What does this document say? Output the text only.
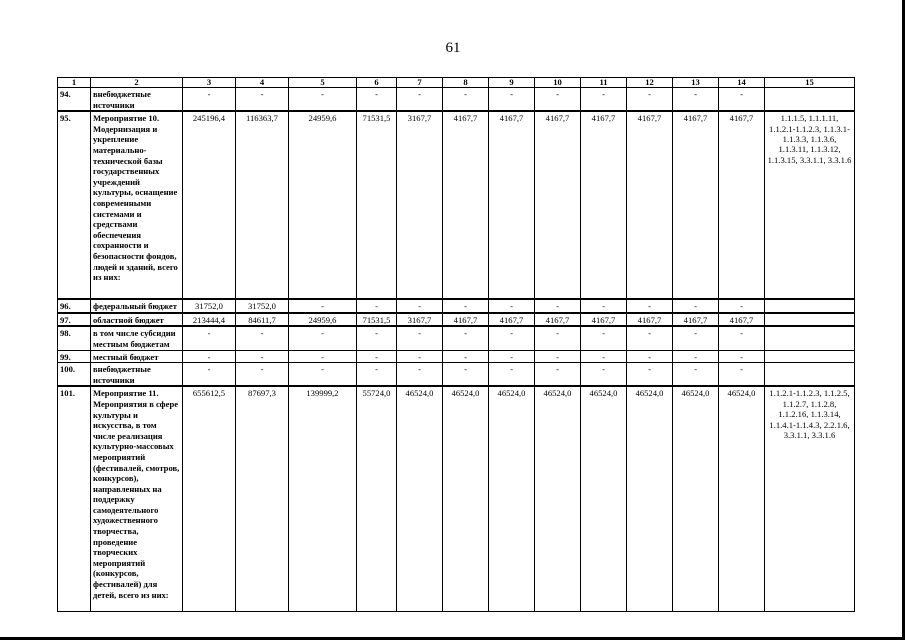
61
1	2	3	4	5	6	7	8	9	10	11	12	13	14	15
94.	внебюджетные источники	-	-	-	-	-	-	-	-	-	-	-	-	
95.	Мероприятие 10. Модернизация и укрепление материально- технической базы государственных учреждений культуры, оснащение современными системами и средствами обеспечения сохранности и безопасности фондов, людей и зданий, всего из них:	245196,4	116363,7	24959,6	71531,5	3167,7	4167,7	4167,7	4167,7	4167,7	4167,7	4167,7	4167,7	1.1.1.5, 1.1.1.11, 1.1.2.1-1.1.2.3, 1.1.3.1-1.1.3.3, 1.1.3.6, 1.1.3.11, 1.1.3.12, 1.1.3.15, 3.3.1.1, 3.3.1.6
96.	федеральный бюджет	31752,0	31752,0	-	-	-	-	-	-	-	-	-	-	
97.	областной бюджет	213444,4	84611,7	24959,6	71531,5	3167,7	4167,7	4167,7	4167,7	4167,7	4167,7	4167,7	4167,7	
98.	в том числе субсидии местным бюджетам	-	-	-	-	-	-	-	-	-	-	-	-	
99.	местный бюджет	-	-	-	-	-	-	-	-	-	-	-	-	
100.	внебюджетные источники	-	-	-	-	-	-	-	-	-	-	-	-	
101.	Мероприятие 11. Мероприятия в сфере культуры и искусства, в том числе реализация культурно-массовых мероприятий (фестивалей, смотров, конкурсов), направленных на поддержку самодеятельного художественного творчества, проведение творческих мероприятий (конкурсов, фестивалей) для детей, всего из них:	655612,5	87697,3	139999,2	55724,0	46524,0	46524,0	46524,0	46524,0	46524,0	46524,0	46524,0	46524,0	1.1.2.1-1.1.2.3, 1.1.2.5, 1.1.2.7, 1.1.2.8, 1.1.2.16, 1.1.3.14, 1.1.4.1-1.1.4.3, 2.2.1.6, 3.3.1.1, 3.3.1.6
